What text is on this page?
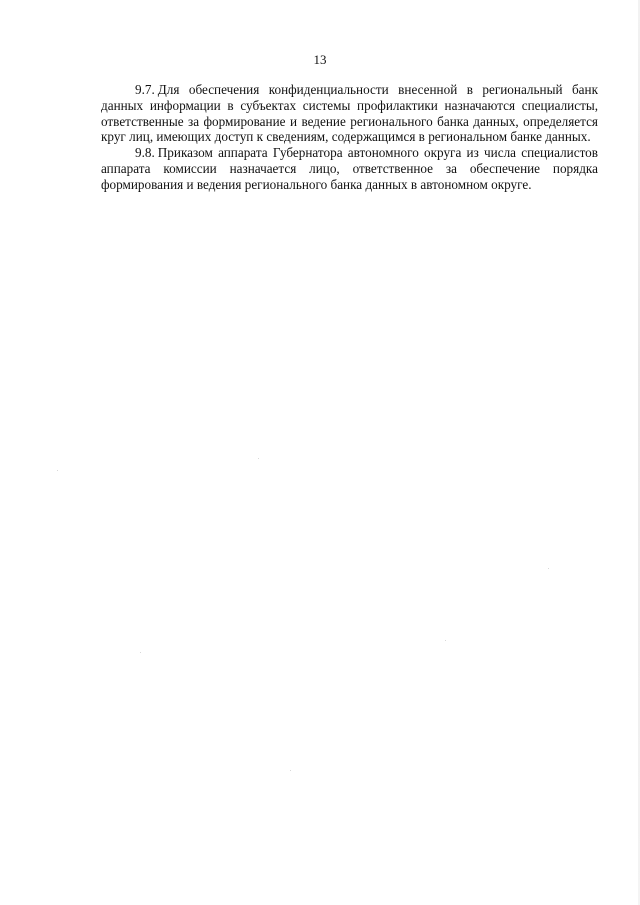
13

9.7. Для обеспечения конфиденциальности внесенной в региональный банк данных информации в субъектах системы профилактики назначаются специалисты, ответственные за формирование и ведение регионального банка данных, определяется круг лиц, имеющих доступ к сведениям, содержащимся в региональном банке данных.

9.8. Приказом аппарата Губернатора автономного округа из числа специалистов аппарата комиссии назначается лицо, ответственное за обеспечение порядка формирования и ведения регионального банка данных в автономном округе.
